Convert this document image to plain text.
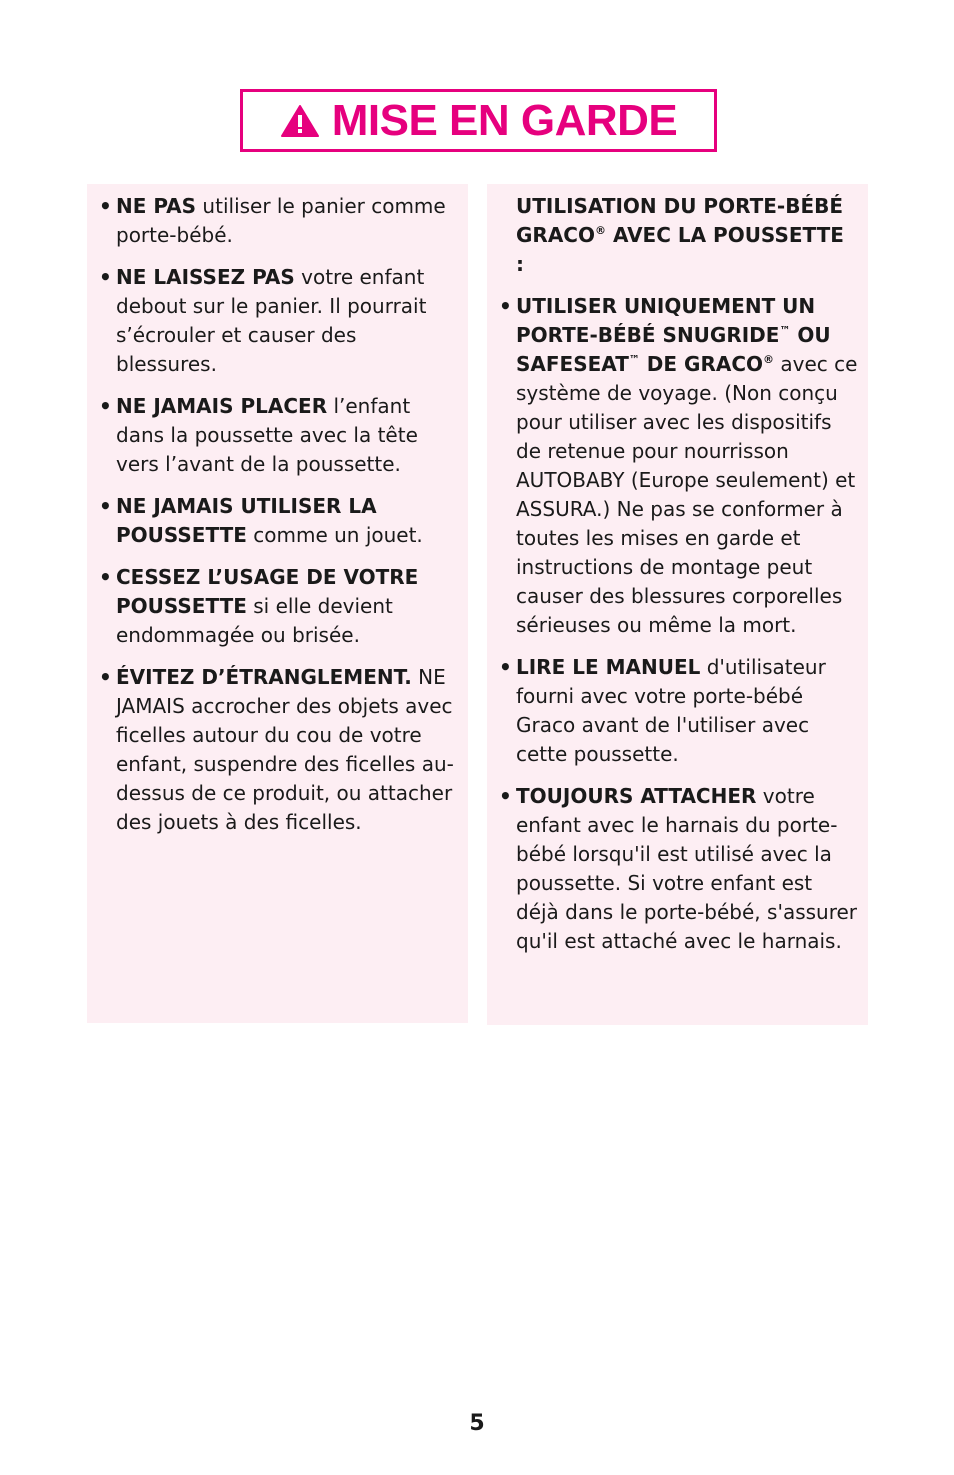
MISE EN GARDE

• NE PAS utiliser le panier comme porte-bébé.

• NE LAISSEZ PAS votre enfant debout sur le panier. Il pourrait s’écrouler et causer des blessures.

• NE JAMAIS PLACER l’enfant dans la poussette avec la tête vers l’avant de la poussette.

• NE JAMAIS UTILISER LA POUSSETTE comme un jouet.

• CESSEZ L’USAGE DE VOTRE POUSSETTE si elle devient endommagée ou brisée.

• ÉVITEZ D’ÉTRANGLEMENT. NE JAMAIS accrocher des objets avec ficelles autour du cou de votre enfant, suspendre des ficelles au-dessus de ce produit, ou attacher des jouets à des ficelles.

UTILISATION DU PORTE-BÉBÉ GRACO® AVEC LA POUSSETTE :

• UTILISER UNIQUEMENT UN PORTE-BÉBÉ SNUGRIDE™ OU SAFESEAT™ DE GRACO® avec ce système de voyage. (Non conçu pour utiliser avec les dispositifs de retenue pour nourrisson AUTOBABY (Europe seulement) et ASSURA.) Ne pas se conformer à toutes les mises en garde et instructions de montage peut causer des blessures corporelles sérieuses ou même la mort.

• LIRE LE MANUEL d'utilisateur fourni avec votre porte-bébé Graco avant de l'utiliser avec cette poussette.

• TOUJOURS ATTACHER votre enfant avec le harnais du porte-bébé lorsqu'il est utilisé avec la poussette. Si votre enfant est déjà dans le porte-bébé, s'assurer qu'il est attaché avec le harnais.

5
